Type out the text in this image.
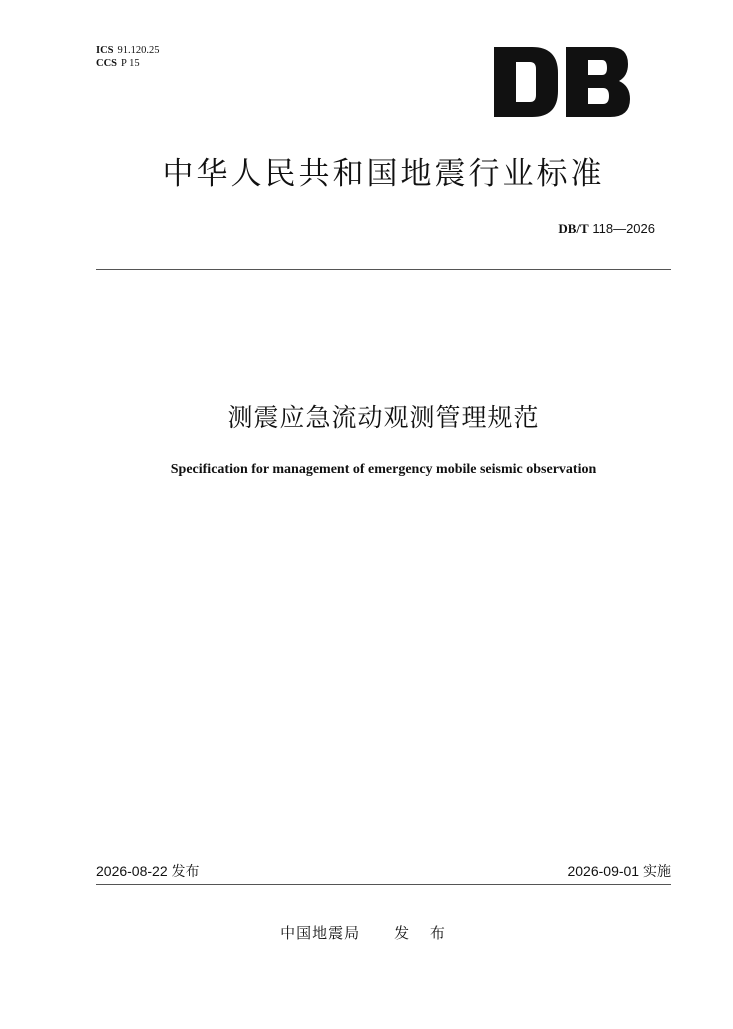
ICS 91.120.25
CCS P 15
中华人民共和国地震行业标准
DB/T 118—2026
测震应急流动观测管理规范
Specification for management of emergency mobile seismic observation
2026-08-22 发布	2026-09-01 实施
中国地震局 发 布
